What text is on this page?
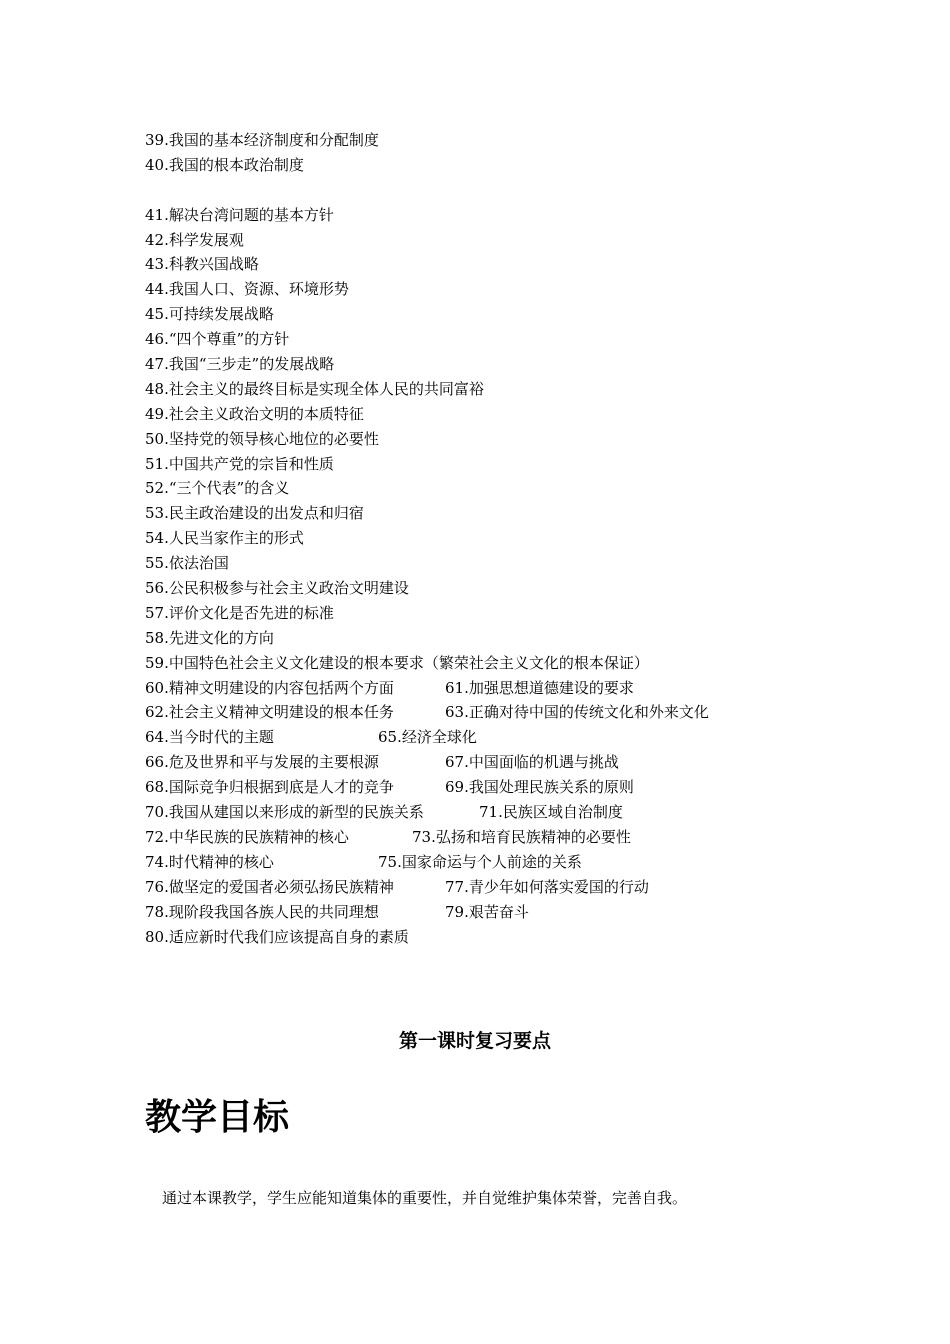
39.我国的基本经济制度和分配制度
40.我国的根本政治制度
41.解决台湾问题的基本方针
42.科学发展观
43.科教兴国战略
44.我国人口、资源、环境形势
45.可持续发展战略
46.“四个尊重”的方针
47.我国“三步走”的发展战略
48.社会主义的最终目标是实现全体人民的共同富裕
49.社会主义政治文明的本质特征
50.坚持党的领导核心地位的必要性
51.中国共产党的宗旨和性质
52.“三个代表”的含义
53.民主政治建设的出发点和归宿
54.人民当家作主的形式
55.依法治国
56.公民积极参与社会主义政治文明建设
57.评价文化是否先进的标准
58.先进文化的方向
59.中国特色社会主义文化建设的根本要求（繁荣社会主义文化的根本保证）
60.精神文明建设的内容包括两个方面	61.加强思想道德建设的要求
62.社会主义精神文明建设的根本任务	63.正确对待中国的传统文化和外来文化
64.当今时代的主题	65.经济全球化
66.危及世界和平与发展的主要根源	67.中国面临的机遇与挑战
68.国际竞争归根据到底是人才的竞争	69.我国处理民族关系的原则
70.我国从建国以来形成的新型的民族关系	71.民族区域自治制度
72.中华民族的民族精神的核心	73.弘扬和培育民族精神的必要性
74.时代精神的核心	75.国家命运与个人前途的关系
76.做坚定的爱国者必须弘扬民族精神	77.青少年如何落实爱国的行动
78.现阶段我国各族人民的共同理想	79.艰苦奋斗
80.适应新时代我们应该提高自身的素质
第一课时复习要点
教学目标
通过本课教学，学生应能知道集体的重要性，并自觉维护集体荣誉，完善自我。
